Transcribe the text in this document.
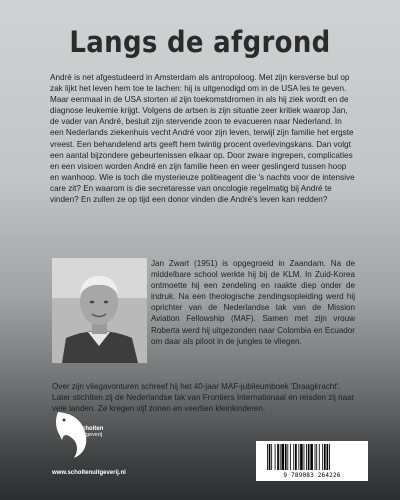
Langs de afgrond

André is net afgestudeerd in Amsterdam als antropoloog. Met zijn kersverse bul op zak lijkt het leven hem toe te lachen: hij is uitgenodigd om in de USA les te geven. Maar eenmaal in de USA storten al zijn toekomstdromen in als hij ziek wordt en de diagnose leukemie krijgt. Volgens de artsen is zijn situatie zeer kritiek waarop Jan, de vader van André, besluit zijn stervende zoon te evacueren naar Nederland. In een Nederlands ziekenhuis vecht André voor zijn leven, terwijl zijn familie het ergste vreest. Een behandelend arts geeft hem twintig procent overlevingskans. Dan volgt een aantal bijzondere gebeurtenissen elkaar op. Door zware ingrepen, complicaties en een visioen worden André en zijn familie heen en weer geslingerd tussen hoop en wanhoop. Wie is toch die mysterieuze politieagent die 's nachts voor de intensive care zit? En waarom is die secretaresse van oncologie regelmatig bij André te vinden? En zullen ze op tijd een donor vinden die André's leven kan redden?

Jan Zwart (1951) is opgegroeid in Zaandam. Na de middelbare school werkte hij bij de KLM. In Zuid-Korea ontmoette hij een zendeling en raakte diep onder de indruk. Na een theologische zendingsopleiding werd hij oprichter van de Nederlandse tak van de Mission Aviation Fellowship (MAF). Samen met zijn vrouw Roberta werd hij uitgezonden naar Colombia en Ecuador om daar als piloot in de jungles te vliegen.

Over zijn vliegavonturen schreef hij het 40-jaar MAF-jubileumboek 'Draagkracht'. Later stichtten zij de Nederlandse tak van Frontiers Internationaal en reisden zij naar vele landen. Ze kregen vijf zonen en veertien kleinkinderen.

Scholten
Uitgeverij
www.scholtenuitgeverij.nl	9 789083 264226
